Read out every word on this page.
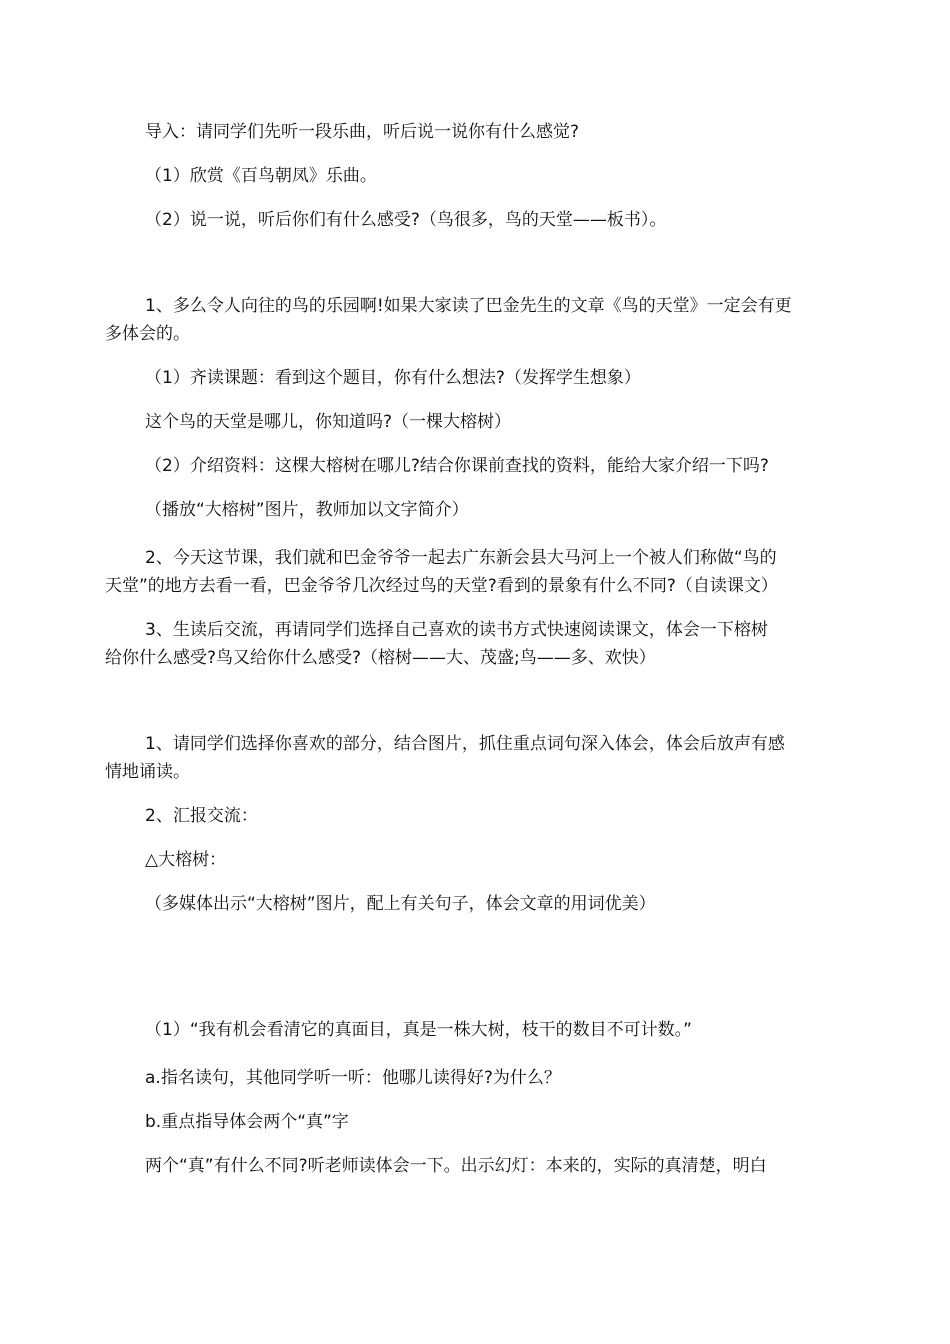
导入：请同学们先听一段乐曲，听后说一说你有什么感觉?

（1）欣赏《百鸟朝凤》乐曲。

（2）说一说，听后你们有什么感受?（鸟很多，鸟的天堂——板书）。

1、多么令人向往的鸟的乐园啊!如果大家读了巴金先生的文章《鸟的天堂》一定会有更

多体会的。

（1）齐读课题：看到这个题目，你有什么想法?（发挥学生想象）

这个鸟的天堂是哪儿，你知道吗?（一棵大榕树）

（2）介绍资料：这棵大榕树在哪儿?结合你课前查找的资料，能给大家介绍一下吗?

（播放“大榕树”图片，教师加以文字简介）

2、今天这节课，我们就和巴金爷爷一起去广东新会县大马河上一个被人们称做“鸟的

天堂”的地方去看一看，巴金爷爷几次经过鸟的天堂?看到的景象有什么不同?（自读课文）

3、生读后交流，再请同学们选择自己喜欢的读书方式快速阅读课文，体会一下榕树

给你什么感受?鸟又给你什么感受?（榕树——大、茂盛;鸟——多、欢快）

1、请同学们选择你喜欢的部分，结合图片，抓住重点词句深入体会，体会后放声有感

情地诵读。

2、汇报交流：

△大榕树：

（多媒体出示“大榕树”图片，配上有关句子，体会文章的用词优美）

（1）“我有机会看清它的真面目，真是一株大树，枝干的数目不可计数。”

a.指名读句，其他同学听一听：他哪儿读得好?为什么？

b.重点指导体会两个“真”字

两个“真”有什么不同?听老师读体会一下。出示幻灯：本来的，实际的真清楚，明白
